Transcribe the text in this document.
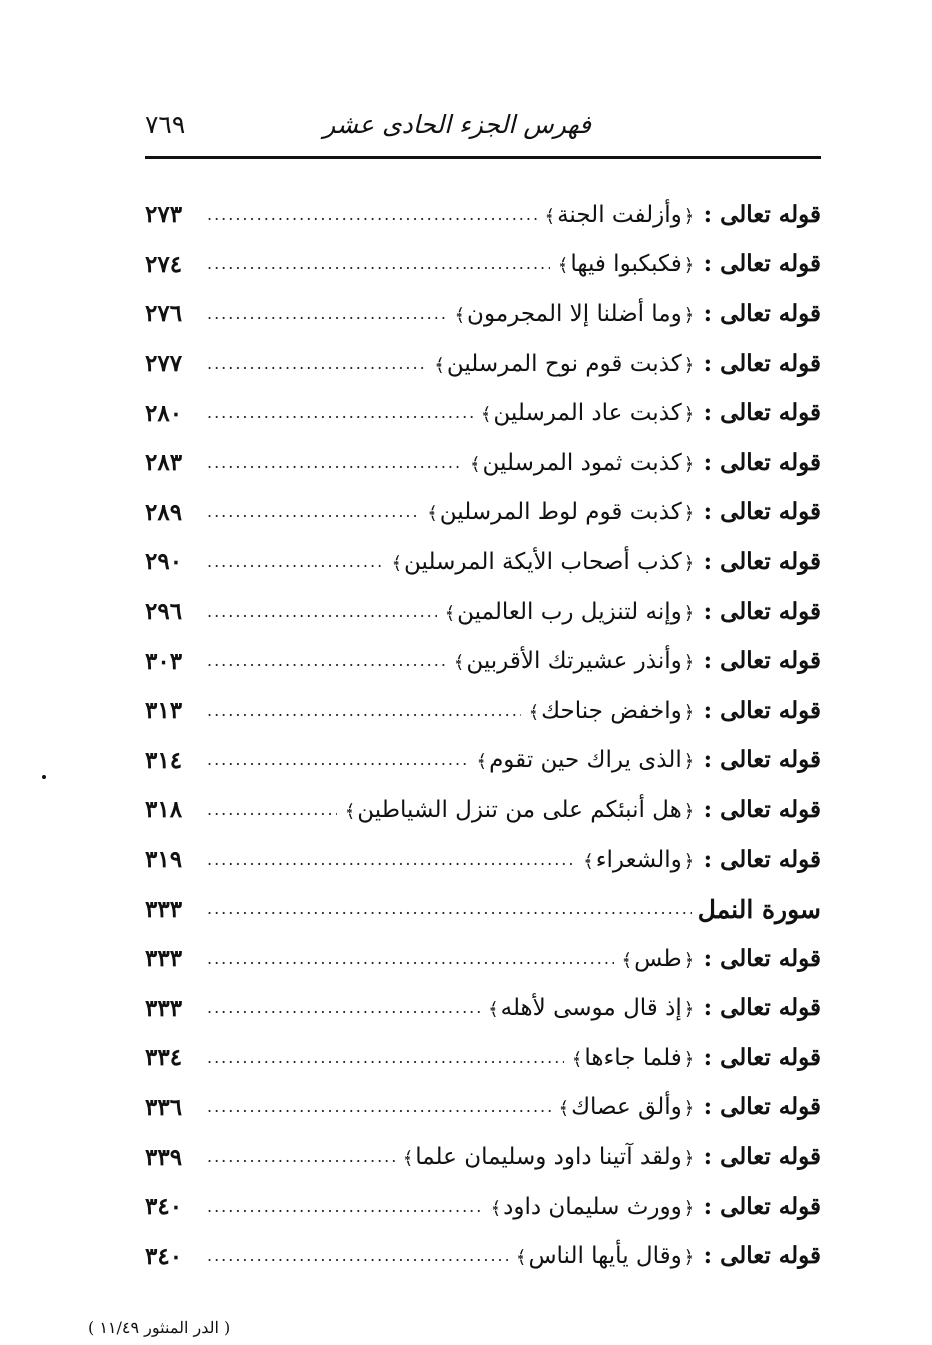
فهرس الجزء الحادى عشر
٧٦٩
قوله تعالى : ﴿وأزلفت الجنة﴾
.....
٢٧٣
قوله تعالى : ﴿فكبكبوا فيها﴾
.....
٢٧٤
قوله تعالى : ﴿وما أضلنا إلا المجرمون﴾
.....
٢٧٦
قوله تعالى : ﴿كذبت قوم نوح المرسلين﴾
.....
٢٧٧
قوله تعالى : ﴿كذبت عاد المرسلين﴾
.....
٢٨٠
قوله تعالى : ﴿كذبت ثمود المرسلين﴾
.....
٢٨٣
قوله تعالى : ﴿كذبت قوم لوط المرسلين﴾
.....
٢٨٩
قوله تعالى : ﴿كذب أصحاب الأيكة المرسلين﴾
.....
٢٩٠
قوله تعالى : ﴿وإنه لتنزيل رب العالمين﴾
.....
٢٩٦
قوله تعالى : ﴿وأنذر عشيرتك الأقربين﴾
.....
٣٠٣
قوله تعالى : ﴿واخفض جناحك﴾
.....
٣١٣
قوله تعالى : ﴿الذى يراك حين تقوم﴾
.....
٣١٤
قوله تعالى : ﴿هل أنبئكم على من تنزل الشياطين﴾
.....
٣١٨
قوله تعالى : ﴿والشعراء﴾
.....
٣١٩
سورة النمل
.....
٣٣٣
قوله تعالى : ﴿طس﴾
.....
٣٣٣
قوله تعالى : ﴿إذ قال موسى لأهله﴾
.....
٣٣٣
قوله تعالى : ﴿فلما جاءها﴾
.....
٣٣٤
قوله تعالى : ﴿وألق عصاك﴾
.....
٣٣٦
قوله تعالى : ﴿ولقد آتينا داود وسليمان علما﴾
.....
٣٣٩
قوله تعالى : ﴿وورث سليمان داود﴾
.....
٣٤٠
قوله تعالى : ﴿وقال يأيها الناس﴾
.....
٣٤٠
( الدر المنثور ١١/٤٩ )
